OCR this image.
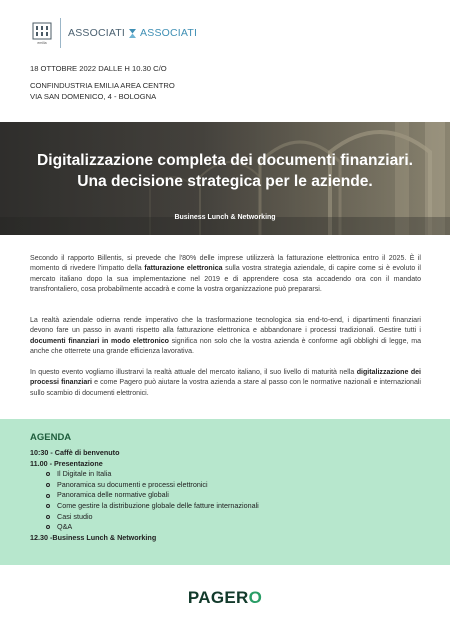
emilia
ASSOCIATI ASSOCIATI
18 OTTOBRE 2022 DALLE H 10.30 C/O
CONFINDUSTRIA EMILIA AREA CENTRO
VIA SAN DOMENICO, 4 - BOLOGNA
Digitalizzazione completa dei documenti finanziari.
Una decisione strategica per le aziende.
Business Lunch & Networking
Secondo il rapporto Billentis, si prevede che l'80% delle imprese utilizzerà la fatturazione elettronica entro il 2025. È il momento di rivedere l'impatto della fatturazione elettronica sulla vostra strategia aziendale, di capire come si è evoluto il mercato italiano dopo la sua implementazione nel 2019 e di apprendere cosa sta accadendo ora con il mandato transfrontaliero, cosa probabilmente accadrà e come la vostra organizzazione può prepararsi.
La realtà aziendale odierna rende imperativo che la trasformazione tecnologica sia end-to-end, i dipartimenti finanziari devono fare un passo in avanti rispetto alla fatturazione elettronica e abbandonare i processi tradizionali. Gestire tutti i documenti finanziari in modo elettronico significa non solo che la vostra azienda è conforme agli obblighi di legge, ma anche che otterrete una grande efficienza lavorativa.
In questo evento vogliamo illustrarvi la realtà attuale del mercato italiano, il suo livello di maturità nella digitalizzazione dei processi finanziari e come Pagero può aiutare la vostra azienda a stare al passo con le normative nazionali e internazionali sullo scambio di documenti elettronici.
AGENDA
10:30 - Caffè di benvenuto
11.00 - Presentazione
Il Digitale in Italia
Panoramica su documenti e processi elettronici
Panoramica delle normative globali
Come gestire la distribuzione globale delle fatture internazionali
Casi studio
Q&A
12.30 -Business Lunch & Networking
PAGERO
